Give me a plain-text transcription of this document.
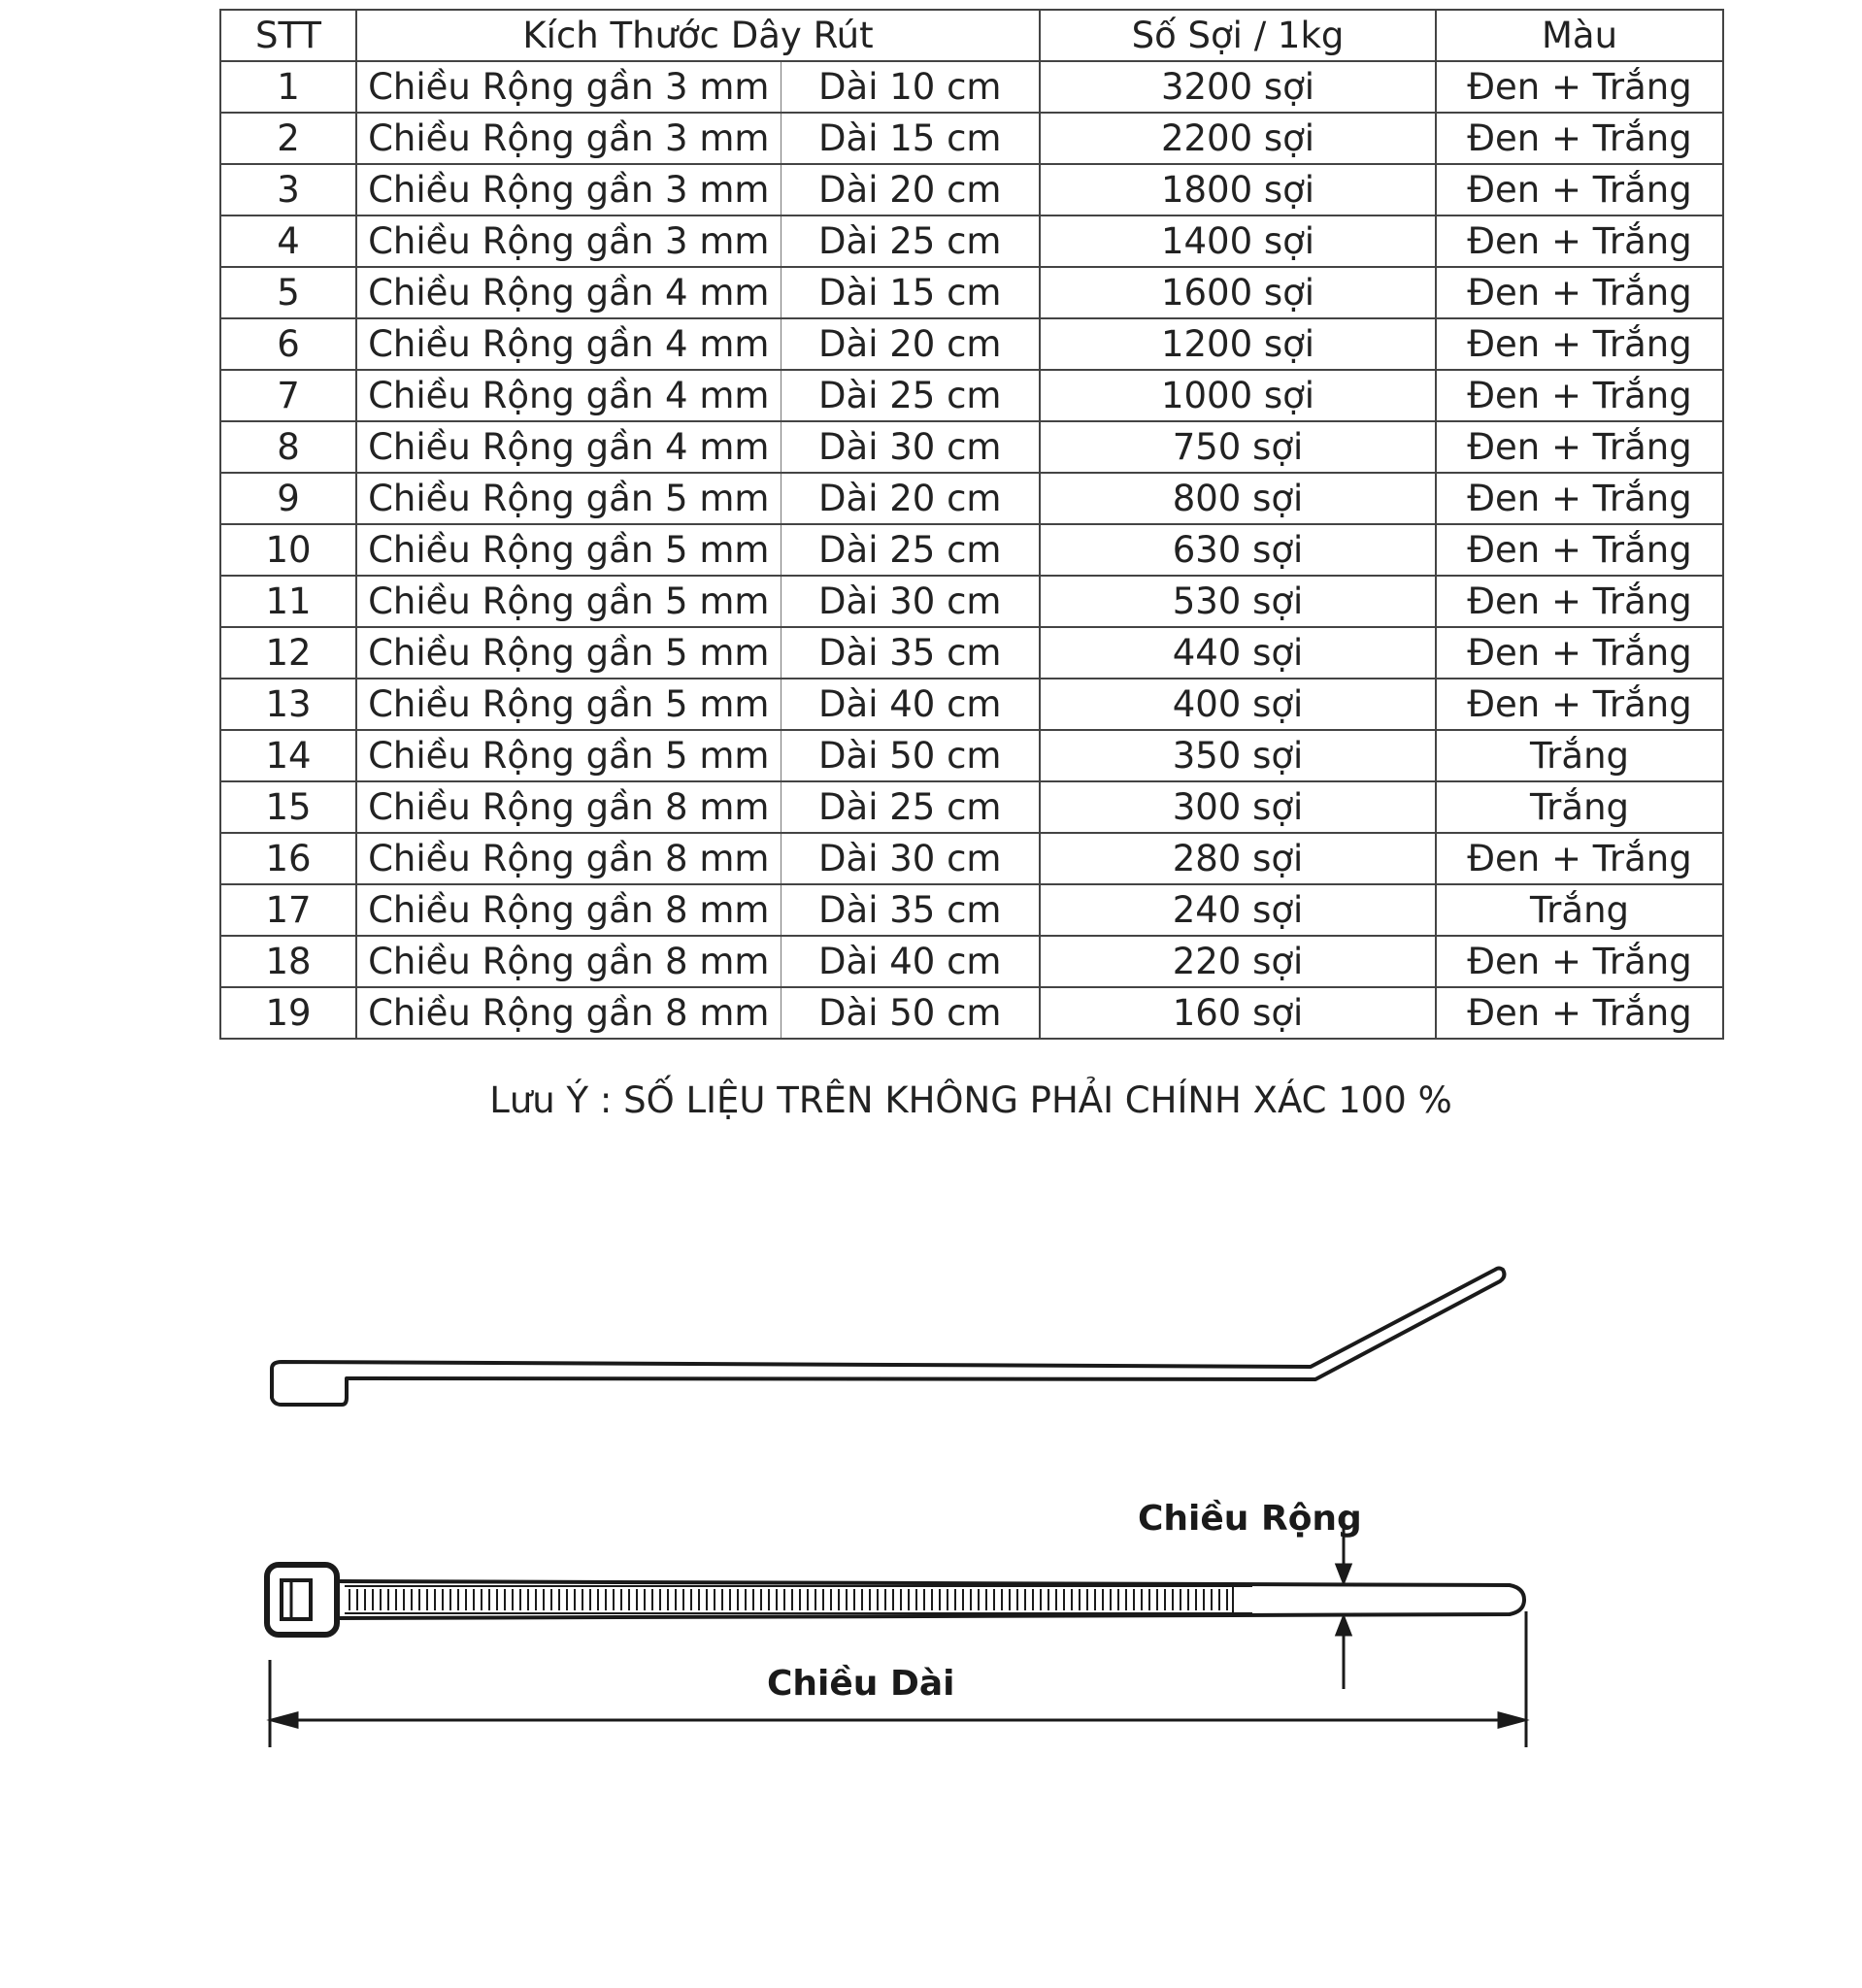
STT	Kích Thước Dây Rút		Số Sợi / 1kg	Màu
1	Chiều Rộng gần 3 mm	Dài 10 cm	3200 sợi	Đen + Trắng
2	Chiều Rộng gần 3 mm	Dài 15 cm	2200 sợi	Đen + Trắng
3	Chiều Rộng gần 3 mm	Dài 20 cm	1800 sợi	Đen + Trắng
4	Chiều Rộng gần 3 mm	Dài 25 cm	1400 sợi	Đen + Trắng
5	Chiều Rộng gần 4 mm	Dài 15 cm	1600 sợi	Đen + Trắng
6	Chiều Rộng gần 4 mm	Dài 20 cm	1200 sợi	Đen + Trắng
7	Chiều Rộng gần 4 mm	Dài 25 cm	1000 sợi	Đen + Trắng
8	Chiều Rộng gần 4 mm	Dài 30 cm	750 sợi	Đen + Trắng
9	Chiều Rộng gần 5 mm	Dài 20 cm	800 sợi	Đen + Trắng
10	Chiều Rộng gần 5 mm	Dài 25 cm	630 sợi	Đen + Trắng
11	Chiều Rộng gần 5 mm	Dài 30 cm	530 sợi	Đen + Trắng
12	Chiều Rộng gần 5 mm	Dài 35 cm	440 sợi	Đen + Trắng
13	Chiều Rộng gần 5 mm	Dài 40 cm	400 sợi	Đen + Trắng
14	Chiều Rộng gần 5 mm	Dài 50 cm	350 sợi	Trắng
15	Chiều Rộng gần 8 mm	Dài 25 cm	300 sợi	Trắng
16	Chiều Rộng gần 8 mm	Dài 30 cm	280 sợi	Đen + Trắng
17	Chiều Rộng gần 8 mm	Dài 35 cm	240 sợi	Trắng
18	Chiều Rộng gần 8 mm	Dài 40 cm	220 sợi	Đen + Trắng
19	Chiều Rộng gần 8 mm	Dài 50 cm	160 sợi	Đen + Trắng
Lưu Ý : SỐ LIỆU TRÊN KHÔNG PHẢI CHÍNH XÁC 100 %
Chiều Rộng
Chiều Dài
